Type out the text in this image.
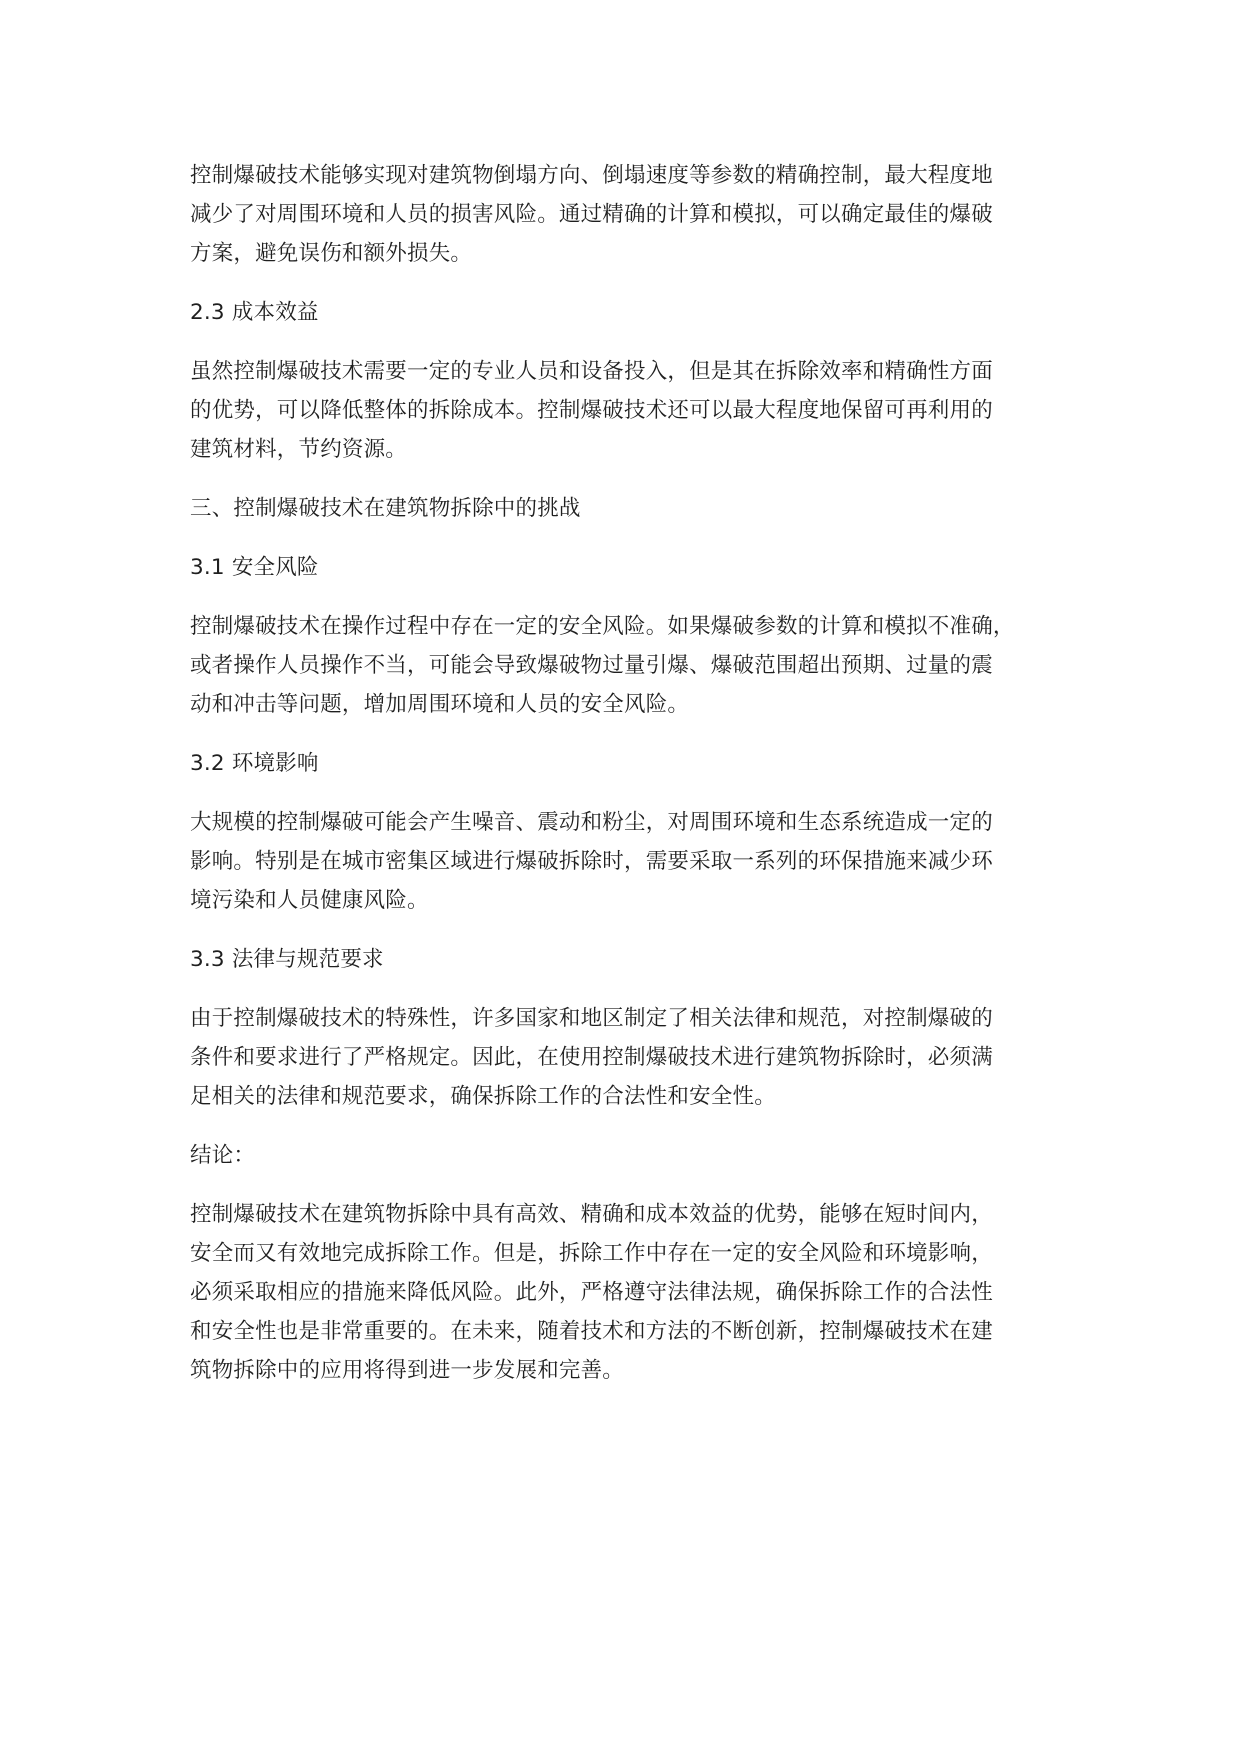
控制爆破技术能够实现对建筑物倒塌方向、倒塌速度等参数的精确控制，最大程度地
减少了对周围环境和人员的损害风险。通过精确的计算和模拟，可以确定最佳的爆破
方案，避免误伤和额外损失。

2.3 成本效益

虽然控制爆破技术需要一定的专业人员和设备投入，但是其在拆除效率和精确性方面
的优势，可以降低整体的拆除成本。控制爆破技术还可以最大程度地保留可再利用的
建筑材料，节约资源。

三、控制爆破技术在建筑物拆除中的挑战

3.1 安全风险

控制爆破技术在操作过程中存在一定的安全风险。如果爆破参数的计算和模拟不准确，
或者操作人员操作不当，可能会导致爆破物过量引爆、爆破范围超出预期、过量的震
动和冲击等问题，增加周围环境和人员的安全风险。

3.2 环境影响

大规模的控制爆破可能会产生噪音、震动和粉尘，对周围环境和生态系统造成一定的
影响。特别是在城市密集区域进行爆破拆除时，需要采取一系列的环保措施来减少环
境污染和人员健康风险。

3.3 法律与规范要求

由于控制爆破技术的特殊性，许多国家和地区制定了相关法律和规范，对控制爆破的
条件和要求进行了严格规定。因此，在使用控制爆破技术进行建筑物拆除时，必须满
足相关的法律和规范要求，确保拆除工作的合法性和安全性。

结论：

控制爆破技术在建筑物拆除中具有高效、精确和成本效益的优势，能够在短时间内，
安全而又有效地完成拆除工作。但是，拆除工作中存在一定的安全风险和环境影响，
必须采取相应的措施来降低风险。此外，严格遵守法律法规，确保拆除工作的合法性
和安全性也是非常重要的。在未来，随着技术和方法的不断创新，控制爆破技术在建
筑物拆除中的应用将得到进一步发展和完善。
